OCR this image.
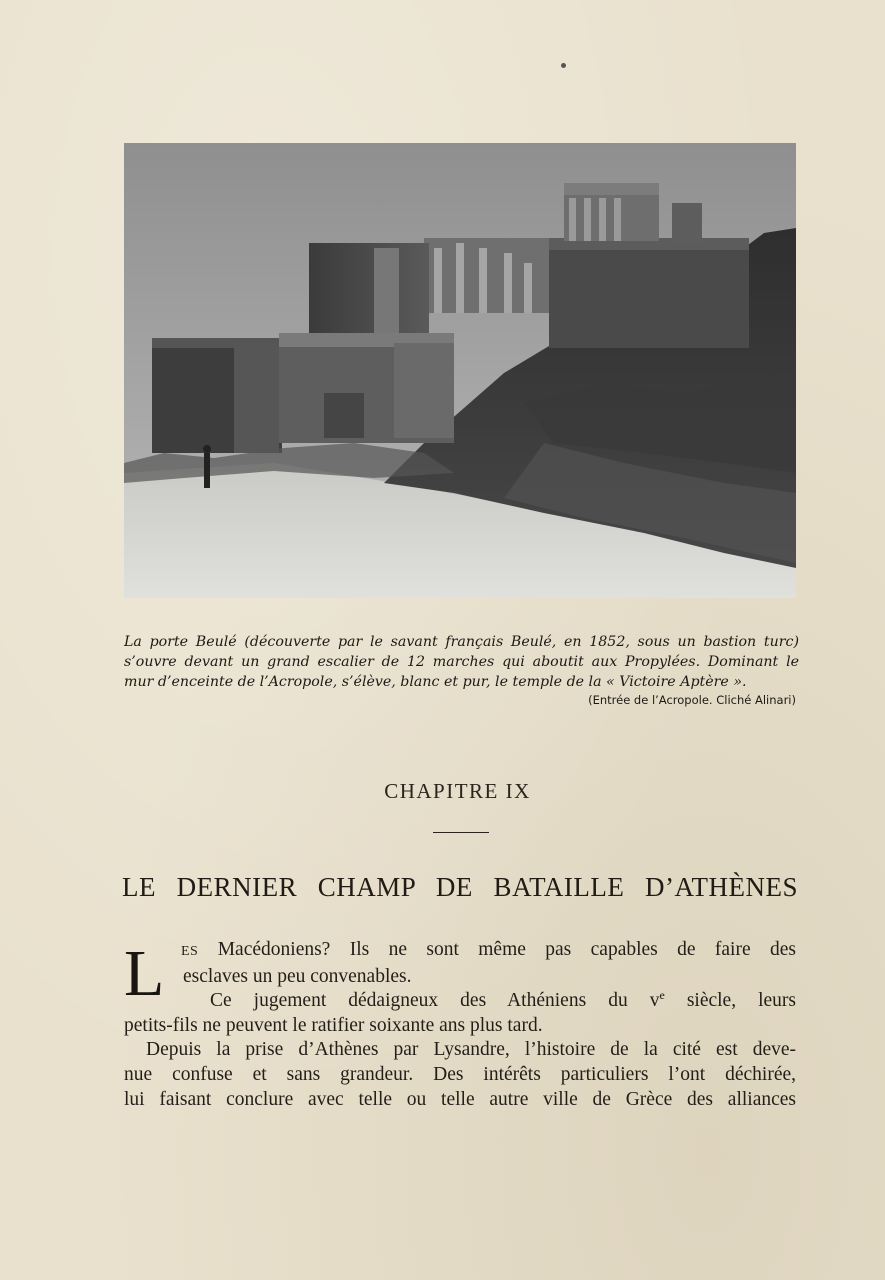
La porte Beulé (découverte par le savant français Beulé, en 1852, sous un bastion turc)
s’ouvre devant un grand escalier de 12 marches qui aboutit aux Propylées. Dominant le
mur d’enceinte de l’Acropole, s’élève, blanc et pur, le temple de la « Victoire Aptère ».
(Entrée de l’Acropole. Cliché Alinari)
CHAPITRE IX
LE DERNIER CHAMP DE BATAILLE D’ATHÈNES
L	ES Macédoniens? Ils ne sont même pas capables de faire des
esclaves un peu convenables.
Ce jugement dédaigneux des Athéniens du $v^e$ siècle, leurs
petits-fils ne peuvent le ratifier soixante ans plus tard.
Depuis la prise d’Athènes par Lysandre, l’histoire de la cité est deve-
nue confuse et sans grandeur. Des intérêts particuliers l’ont déchirée,
lui faisant conclure avec telle ou telle autre ville de Grèce des alliances
